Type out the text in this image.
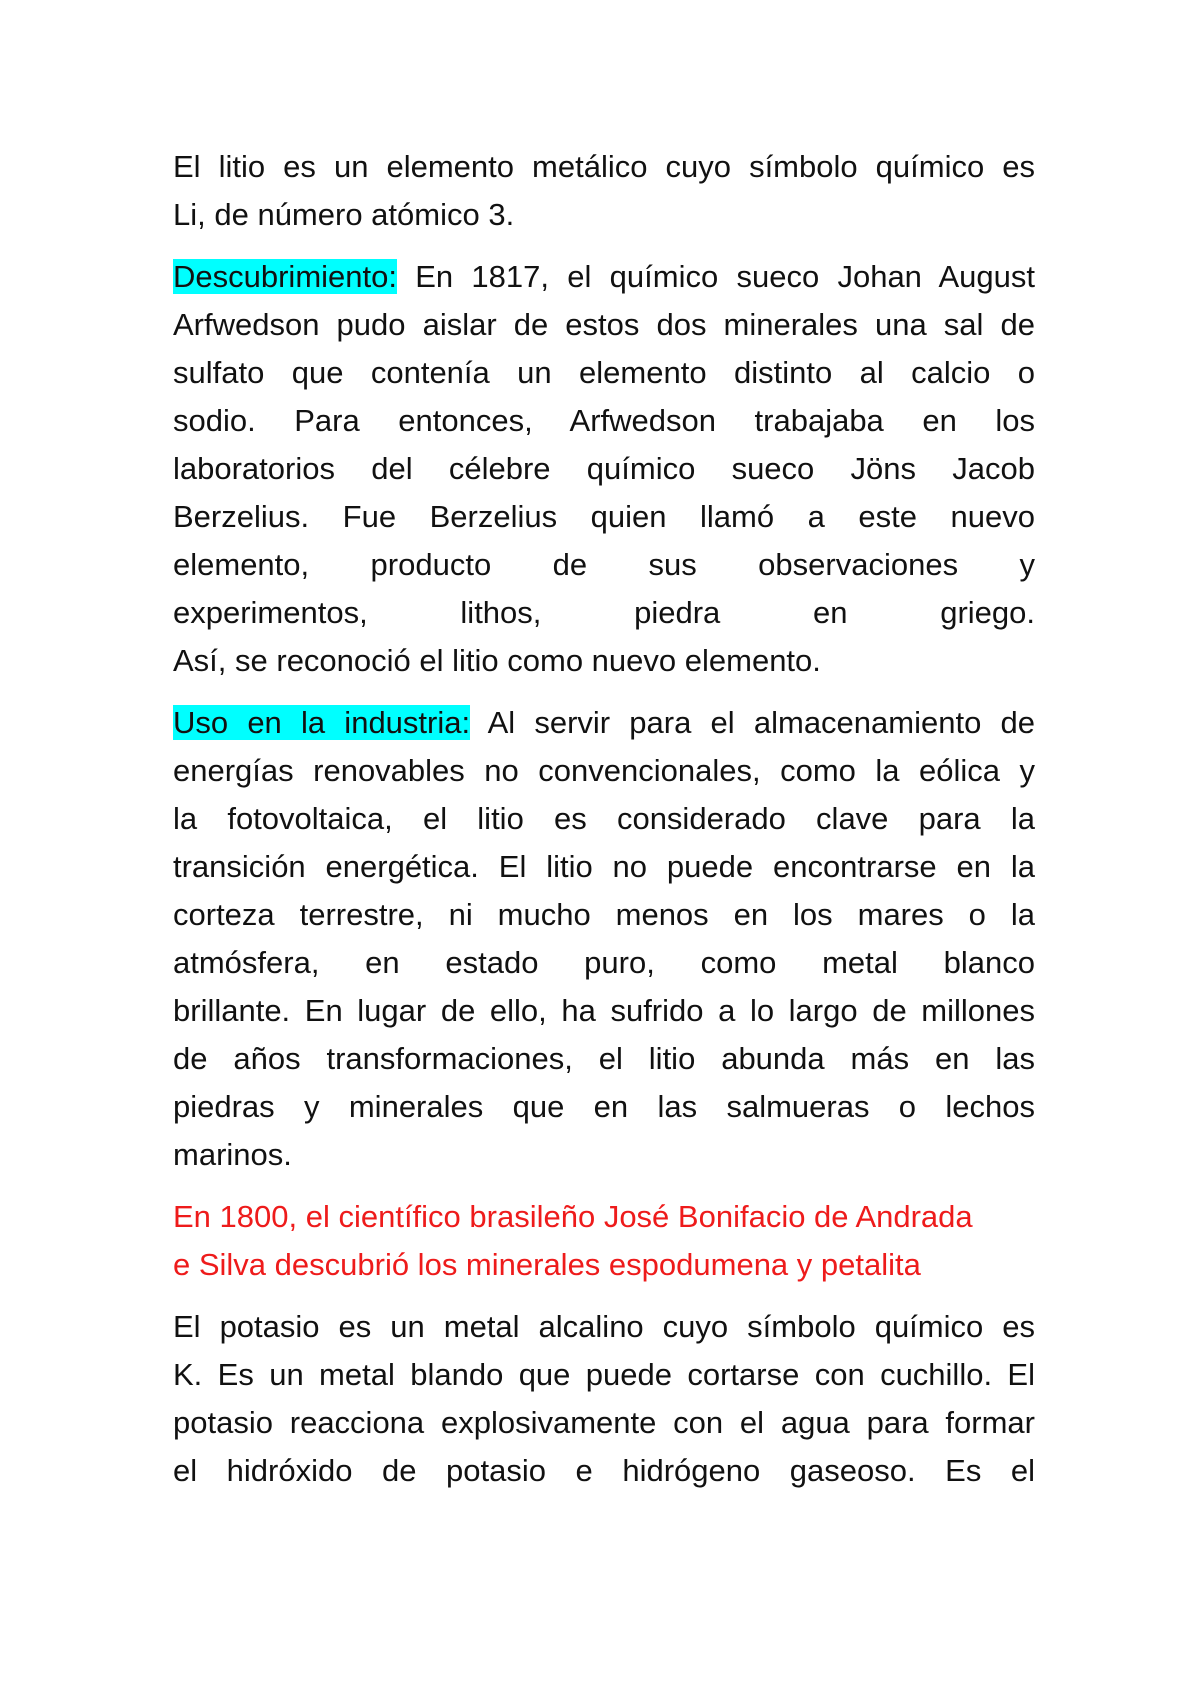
El litio es un elemento metálico cuyo símbolo químico es
Li, de número atómico 3.

Descubrimiento: En 1817, el químico sueco Johan August
Arfwedson pudo aislar de estos dos minerales una sal de
sulfato que contenía un elemento distinto al calcio o
sodio. Para entonces, Arfwedson trabajaba en los
laboratorios del célebre químico sueco Jöns Jacob
Berzelius. Fue Berzelius quien llamó a este nuevo
elemento, producto de sus observaciones y
experimentos, lithos, piedra en griego.
Así, se reconoció el litio como nuevo elemento.

Uso en la industria: Al servir para el almacenamiento de
energías renovables no convencionales, como la eólica y
la fotovoltaica, el litio es considerado clave para la
transición energética. El litio no puede encontrarse en la
corteza terrestre, ni mucho menos en los mares o la
atmósfera, en estado puro, como metal blanco
brillante. En lugar de ello, ha sufrido a lo largo de millones
de años transformaciones, el litio abunda más en las
piedras y minerales que en las salmueras o lechos
marinos.

En 1800, el científico brasileño José Bonifacio de Andrada
e Silva descubrió los minerales espodumena y petalita

El potasio es un metal alcalino cuyo símbolo químico es
K. Es un metal blando que puede cortarse con cuchillo. El
potasio reacciona explosivamente con el agua para formar
el hidróxido de potasio e hidrógeno gaseoso. Es el
